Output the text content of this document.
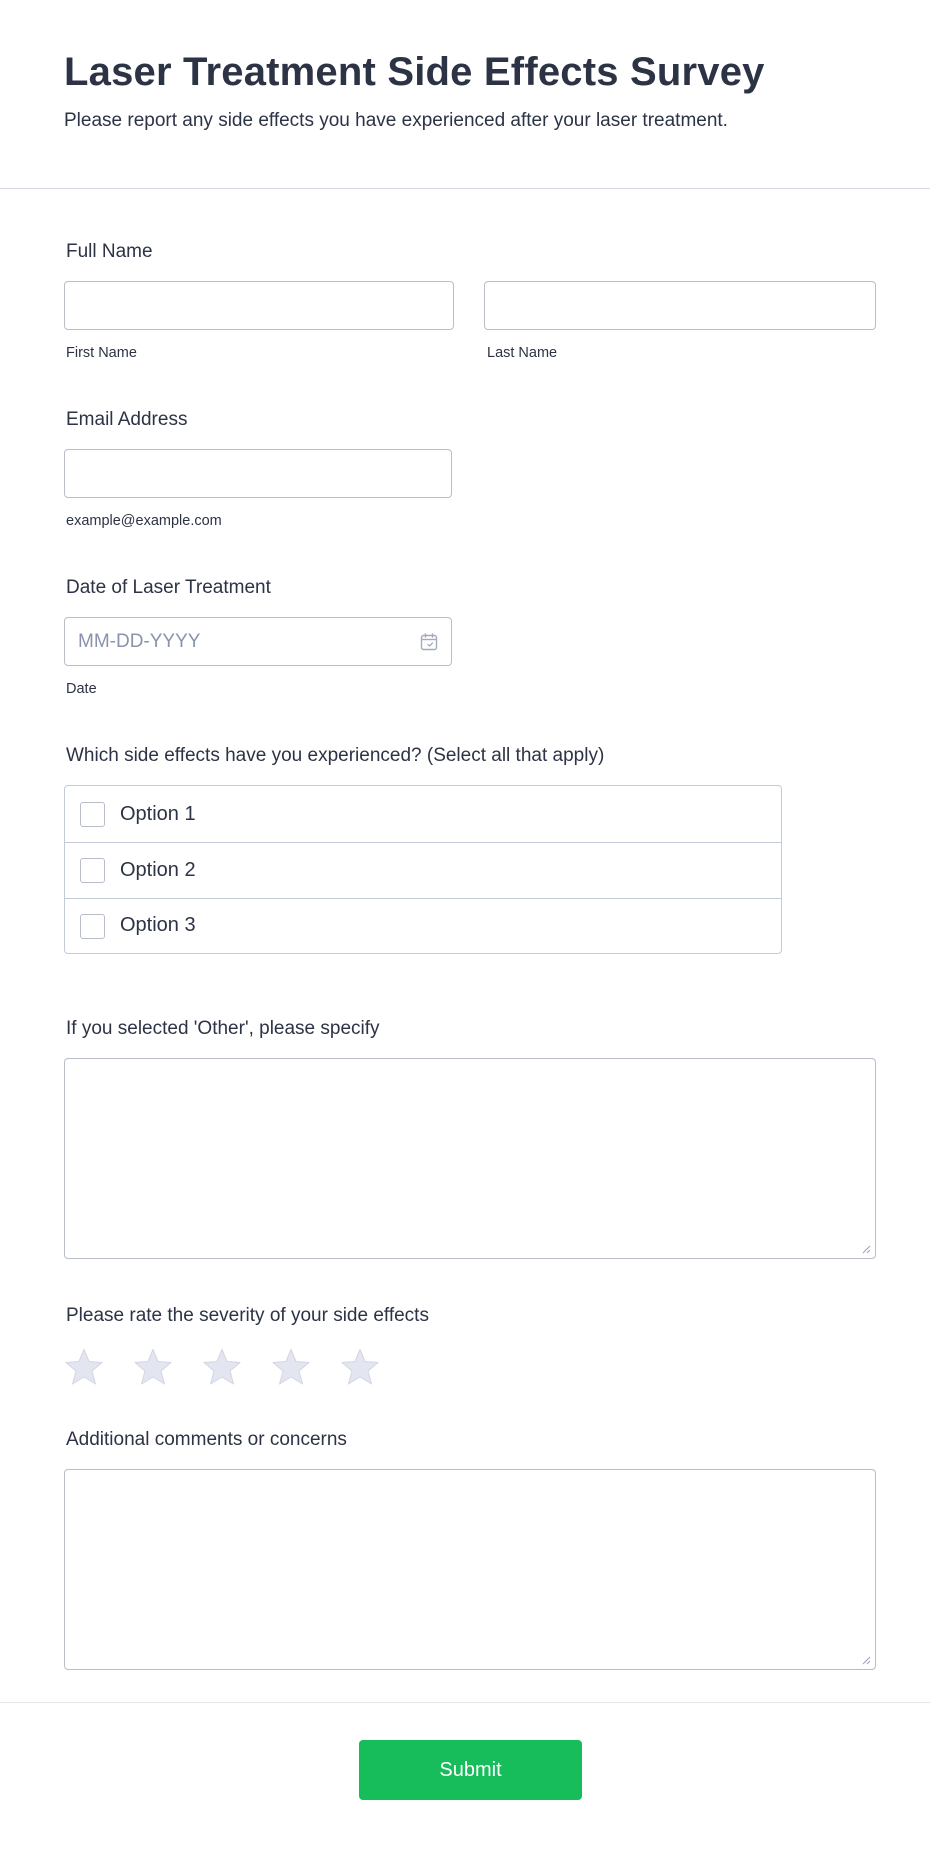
Laser Treatment Side Effects Survey
Please report any side effects you have experienced after your laser treatment.
Full Name
First Name	Last Name
Email Address
example@example.com
Date of Laser Treatment
MM-DD-YYYY
Date
Which side effects have you experienced? (Select all that apply)
Option 1
Option 2
Option 3
If you selected 'Other', please specify
Please rate the severity of your side effects
Additional comments or concerns
Submit
